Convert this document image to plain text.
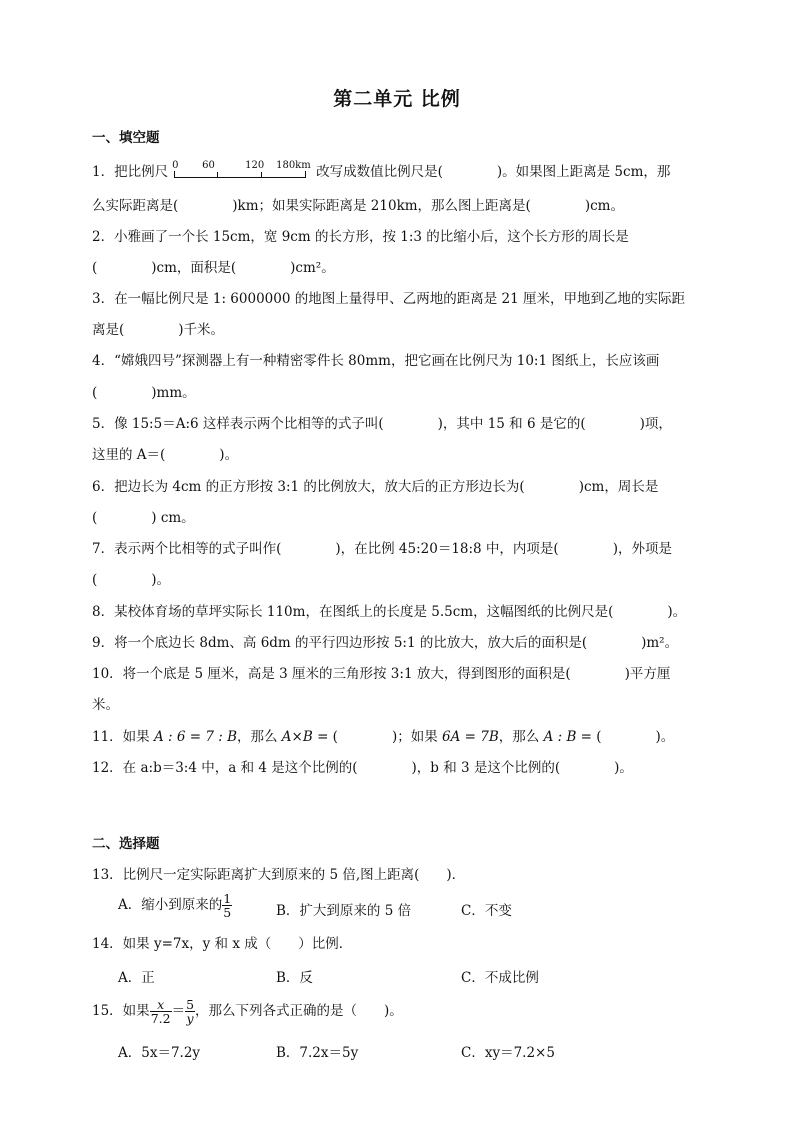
第二单元 比例
一、填空题
1．把比例尺 0 60	120 180km 改写成数值比例尺是(　　　　)。如果图上距离是 5cm，那
么实际距离是(　　　　)km；如果实际距离是 210km，那么图上距离是(　　　　)cm。
2．小雅画了一个长 15cm，宽 9cm 的长方形，按 1:3 的比缩小后，这个长方形的周长是
(　　　　)cm，面积是(　　　　)cm²。
3．在一幅比例尺是 1: 6000000 的地图上量得甲、乙两地的距离是 21 厘米，甲地到乙地的实际距
离是(　　　　)千米。
4．“嫦娥四号”探测器上有一种精密零件长 80mm，把它画在比例尺为 10:1 图纸上，长应该画
(　　　　)mm。
5．像 15:5＝A:6 这样表示两个比相等的式子叫(　　　　)，其中 15 和 6 是它的(　　　　)项，
这里的 A＝(　　　　)。
6．把边长为 4cm 的正方形按 3:1 的比例放大，放大后的正方形边长为(　　　　)cm，周长是
(　　　　) cm。
7．表示两个比相等的式子叫作(　　　　)，在比例 45:20＝18:8 中，内项是(　　　　)，外项是
(　　　　)。
8．某校体育场的草坪实际长 110m，在图纸上的长度是 5.5cm，这幅图纸的比例尺是(　　　　)。
9．将一个底边长 8dm、高 6dm 的平行四边形按 5:1 的比放大，放大后的面积是(　　　　)m²。
10．将一个底是 5 厘米，高是 3 厘米的三角形按 3:1 放大，得到图形的面积是(　　　　)平方厘
米。
11．如果 A : 6 = 7 : B，那么 A×B = (　　　　)；如果 6A = 7B，那么 A : B = (　　　　)。
12．在 a:b＝3:4 中，a 和 4 是这个比例的(　　　　)，b 和 3 是这个比例的(　　　　)。
二、选择题
13．比例尺一定实际距离扩大到原来的 5 倍,图上距离(　　)．
A．缩小到原来的 $\frac{1}{5}$	B．扩大到原来的 5 倍	C．不变
14．如果 y=7x，y 和 x 成（　　）比例．
A．正	B．反	C．不成比例
15．如果 $\frac{x}{7.2} = \frac{5}{y}$ ，那么下列各式正确的是（　　)。
A．5x＝7.2y	B．7.2x＝5y	C．xy＝7.2×5
